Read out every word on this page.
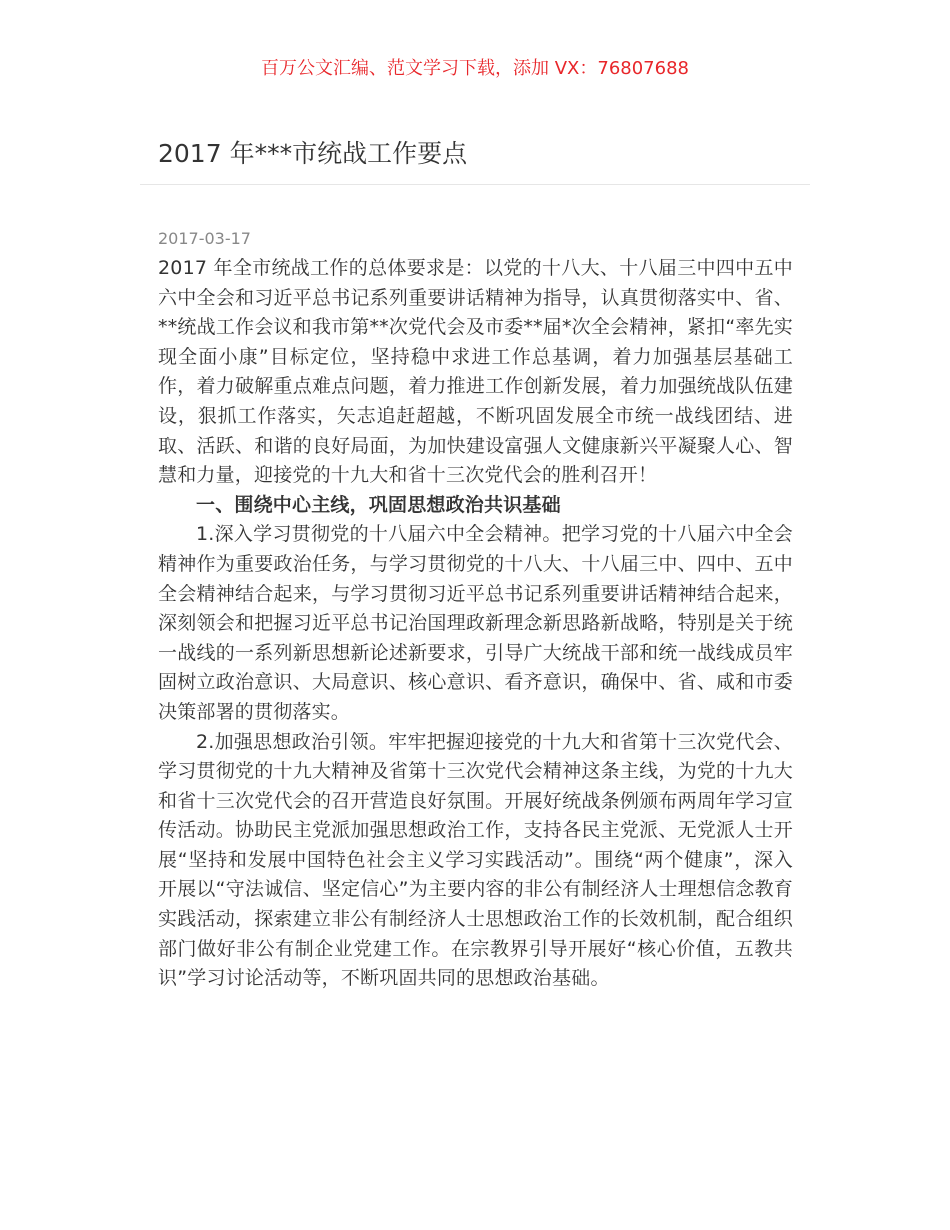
百万公文汇编、范文学习下载，添加 VX：76807688
2017 年***市统战工作要点
2017-03-17

2017 年全市统战工作的总体要求是：以党的十八大、十八届三中四中五中六中全会和习近平总书记系列重要讲话精神为指导，认真贯彻落实中、省、**统战工作会议和我市第**次党代会及市委**届*次全会精神，紧扣“率先实现全面小康”目标定位，坚持稳中求进工作总基调，着力加强基层基础工作，着力破解重点难点问题，着力推进工作创新发展，着力加强统战队伍建设，狠抓工作落实，矢志追赶超越，不断巩固发展全市统一战线团结、进取、活跃、和谐的良好局面，为加快建设富强人文健康新兴平凝聚人心、智慧和力量，迎接党的十九大和省十三次党代会的胜利召开！

一、围绕中心主线，巩固思想政治共识基础

1.深入学习贯彻党的十八届六中全会精神。把学习党的十八届六中全会精神作为重要政治任务，与学习贯彻党的十八大、十八届三中、四中、五中全会精神结合起来，与学习贯彻习近平总书记系列重要讲话精神结合起来，深刻领会和把握习近平总书记治国理政新理念新思路新战略，特别是关于统一战线的一系列新思想新论述新要求，引导广大统战干部和统一战线成员牢固树立政治意识、大局意识、核心意识、看齐意识，确保中、省、咸和市委决策部署的贯彻落实。

2.加强思想政治引领。牢牢把握迎接党的十九大和省第十三次党代会、学习贯彻党的十九大精神及省第十三次党代会精神这条主线，为党的十九大和省十三次党代会的召开营造良好氛围。开展好统战条例颁布两周年学习宣传活动。协助民主党派加强思想政治工作，支持各民主党派、无党派人士开展“坚持和发展中国特色社会主义学习实践活动”。围绕“两个健康”，深入开展以“守法诚信、坚定信心”为主要内容的非公有制经济人士理想信念教育实践活动，探索建立非公有制经济人士思想政治工作的长效机制，配合组织部门做好非公有制企业党建工作。在宗教界引导开展好“核心价值，五教共识”学习讨论活动等，不断巩固共同的思想政治基础。
